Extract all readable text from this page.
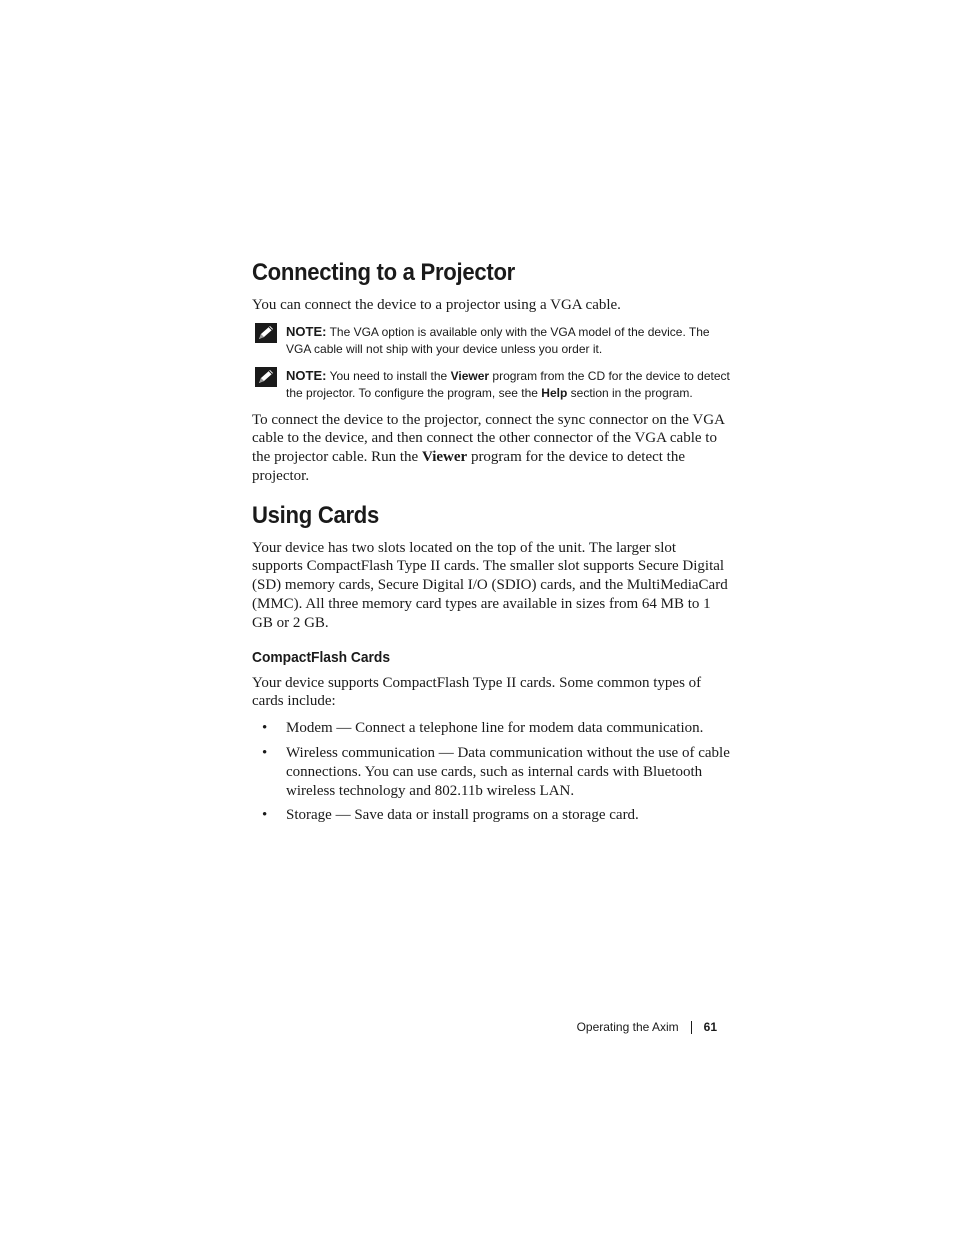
Connecting to a Projector

You can connect the device to a projector using a VGA cable.

NOTE: The VGA option is available only with the VGA model of the device. The VGA cable will not ship with your device unless you order it.
NOTE: You need to install the Viewer program from the CD for the device to detect the projector. To configure the program, see the Help section in the program.

To connect the device to the projector, connect the sync connector on the VGA cable to the device, and then connect the other connector of the VGA cable to the projector cable. Run the Viewer program for the device to detect the projector.

Using Cards

Your device has two slots located on the top of the unit. The larger slot supports CompactFlash Type II cards. The smaller slot supports Secure Digital (SD) memory cards, Secure Digital I/O (SDIO) cards, and the MultiMediaCard (MMC). All three memory card types are available in sizes from 64 MB to 1 GB or 2 GB.

CompactFlash Cards

Your device supports CompactFlash Type II cards. Some common types of cards include:

• Modem — Connect a telephone line for modem data communication.
• Wireless communication — Data communication without the use of cable connections. You can use cards, such as internal cards with Bluetooth wireless technology and 802.11b wireless LAN.
• Storage — Save data or install programs on a storage card.
Operating the Axim 61
